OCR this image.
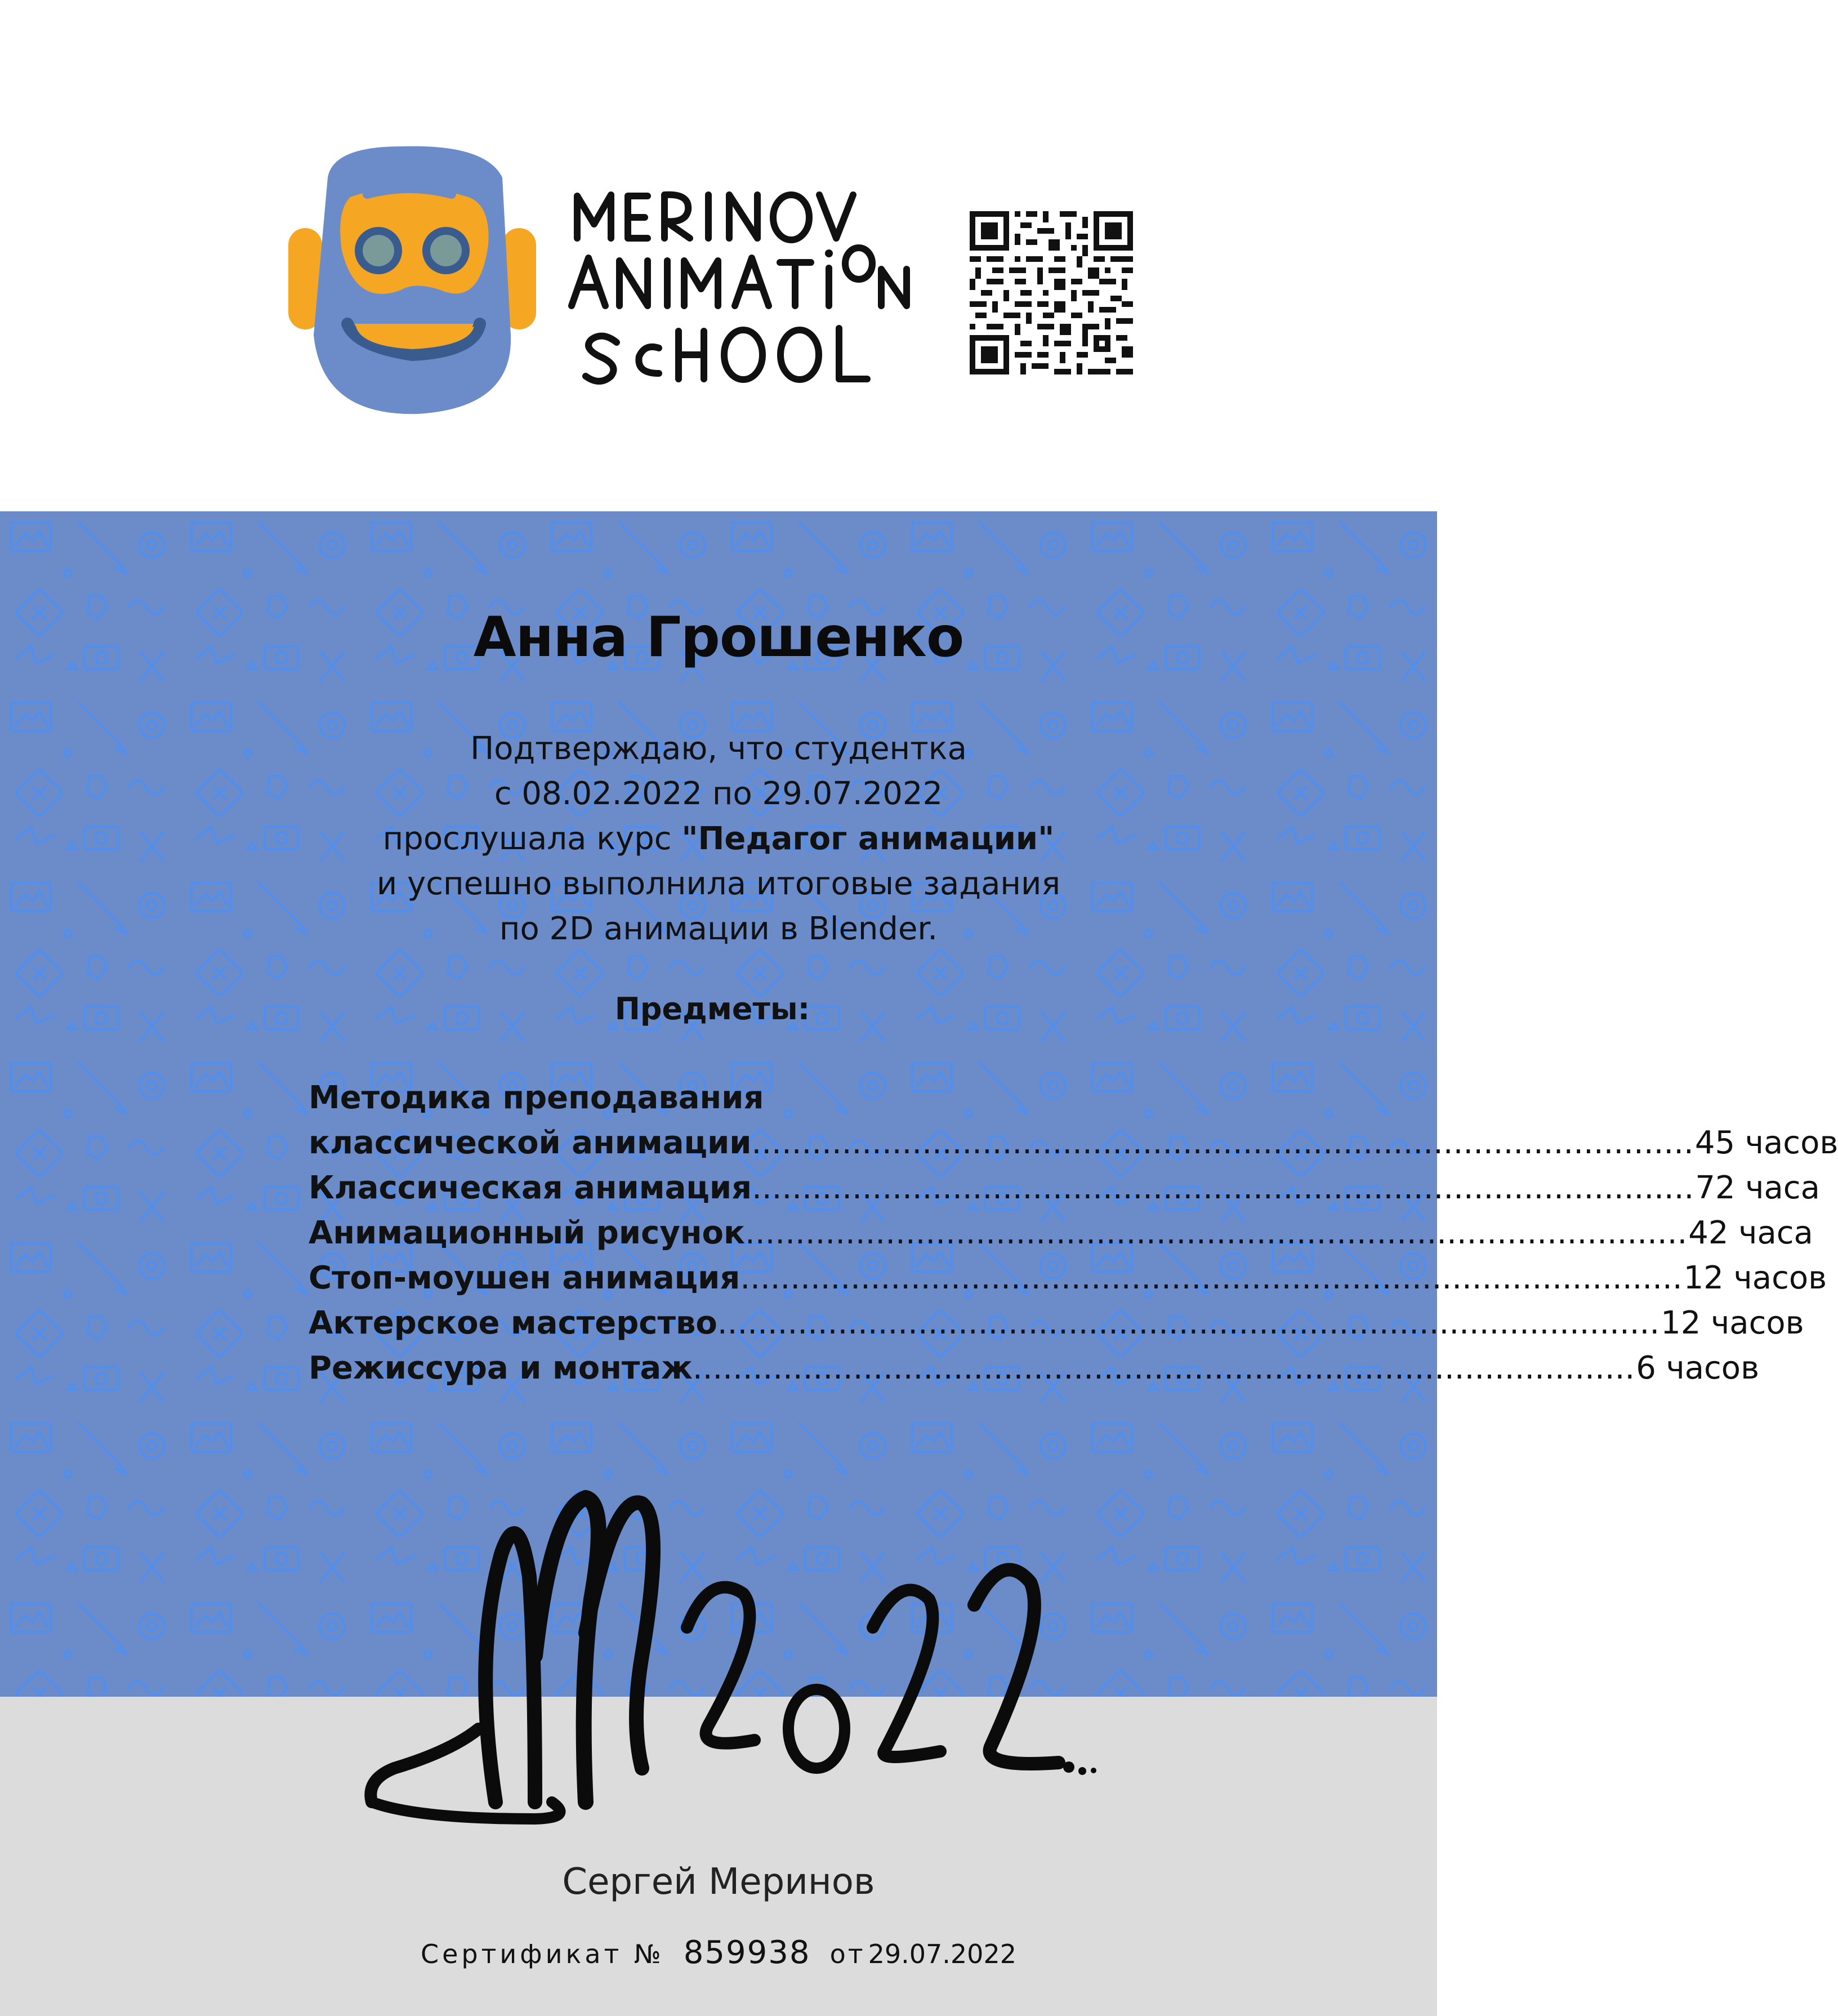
Анна Грошенко
Подтверждаю, что студентка
с 08.02.2022 по 29.07.2022
прослушала курс "Педагог анимации"
и успешно выполнила итоговые задания
по 2D анимации в Blender.
Предметы:
Методика преподавания
классической анимации .............................................................................................. 45 часов
Классическая анимация .............................................................................................. 72 часа
Анимационный рисунок .............................................................................................. 42 часа
Стоп-моушен анимация .............................................................................................. 12 часов
Актерское мастерство .............................................................................................. 12 часов
Режиссура и монтаж .............................................................................................. 6 часов
Сергей Меринов
Сертификат № 859938 от 29.07.2022
